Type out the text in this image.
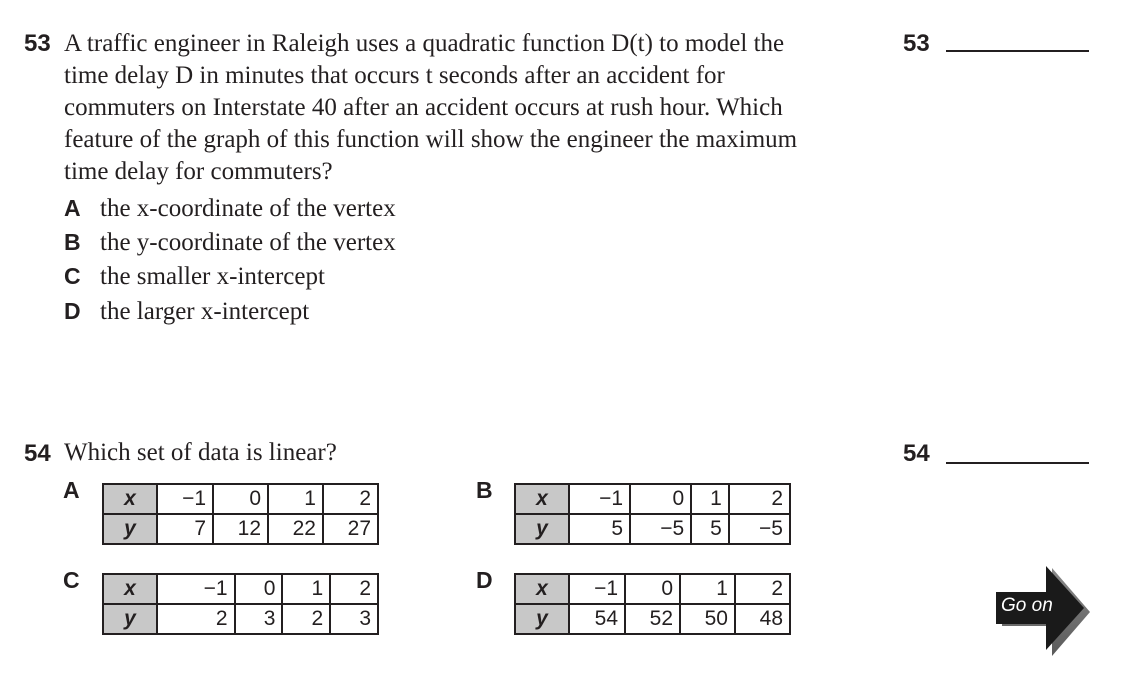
53 A traffic engineer in Raleigh uses a quadratic function D(t) to model the
time delay D in minutes that occurs t seconds after an accident for
commuters on Interstate 40 after an accident occurs at rush hour. Which
feature of the graph of this function will show the engineer the maximum
time delay for commuters?
A the x-coordinate of the vertex
B the y-coordinate of the vertex
C the smaller x-intercept
D the larger x-intercept
53
54 Which set of data is linear?	54
A x	−1	0	1	2
y	7	12	22	27
B x	−1	0	1	2
y	5	−5	5	−5
C x	−1	0	1	2
y	2	3	2	3
D x	−1	0	1	2
y	54	52	50	48
Go on
